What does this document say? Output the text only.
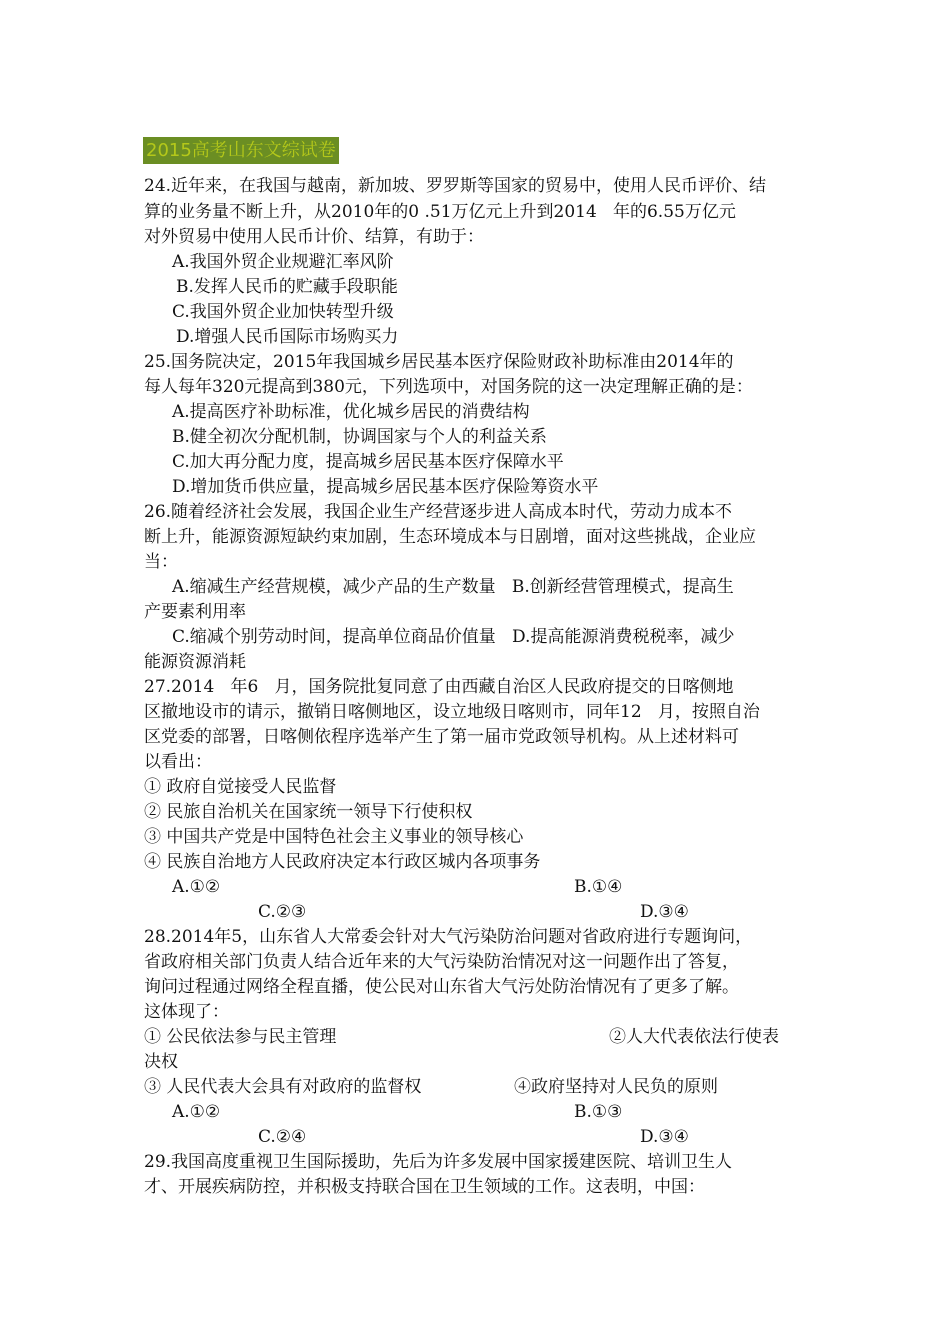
2015高考山东文综试卷
24.近年来，在我国与越南，新加坡、罗罗斯等国家的贸易中，使用人民币评价、结
算的业务量不断上升，从2010年的0 .51万亿元上升到2014   年的6.55万亿元
对外贸易中使用人民币计价、结算，有助于：
A.我国外贸企业规避汇率风阶
B.发挥人民币的贮藏手段职能
C.我国外贸企业加快转型升级
D.增强人民币国际市场购买力
25.国务院决定，2015年我国城乡居民基本医疗保险财政补助标准由2014年的
每人每年320元提高到380元，下列选项中，对国务院的这一决定理解正确的是：
A.提高医疗补助标准，优化城乡居民的消费结构
B.健全初次分配机制，协调国家与个人的利益关系
C.加大再分配力度，提高城乡居民基本医疗保障水平
D.增加货币供应量，提高城乡居民基本医疗保险筹资水平
26.随着经济社会发展，我国企业生产经营逐步进人高成本时代，劳动力成本不
断上升，能源资源短缺约束加剧，生态环境成本与日剧增，面对这些挑战，企业应
当：
A.缩减生产经营规模，减少产品的生产数量   B.创新经营管理模式，提高生
产要素利用率
C.缩减个别劳动时间，提高单位商品价值量   D.提高能源消费税税率，减少
能源资源消耗
27.2014   年6   月，国务院批复同意了由西藏自治区人民政府提交的日喀侧地
区撤地设市的请示，撤销日喀侧地区，设立地级日喀则市，同年12   月，按照自治
区党委的部署，日喀侧依程序选举产生了第一届市党政领导机构。从上述材料可
以看出：
① 政府自觉接受人民监督
② 民旅自治机关在国家统一领导下行使积权
③ 中国共产党是中国特色社会主义事业的领导核心
④ 民族自治地方人民政府决定本行政区城内各项事务
A.①②	B.①④
C.②③	D.③④
28.2014年5，山东省人大常委会针对大气污染防治问题对省政府进行专题询问，
省政府相关部门负责人结合近年来的大气污染防治情况对这一问题作出了答复，
询问过程通过网络全程直播，使公民对山东省大气污处防治情况有了更多了解。
这体现了：
① 公民依法参与民主管理	②人大代表依法行使表
决权
③ 人民代表大会具有对政府的监督权	④政府坚持对人民负的原则
A.①②	B.①③
C.②④	D.③④
29.我国高度重视卫生国际援助，先后为许多发展中国家援建医院、培训卫生人
才、开展疾病防控，并积极支持联合国在卫生领域的工作。这表明，中国：
